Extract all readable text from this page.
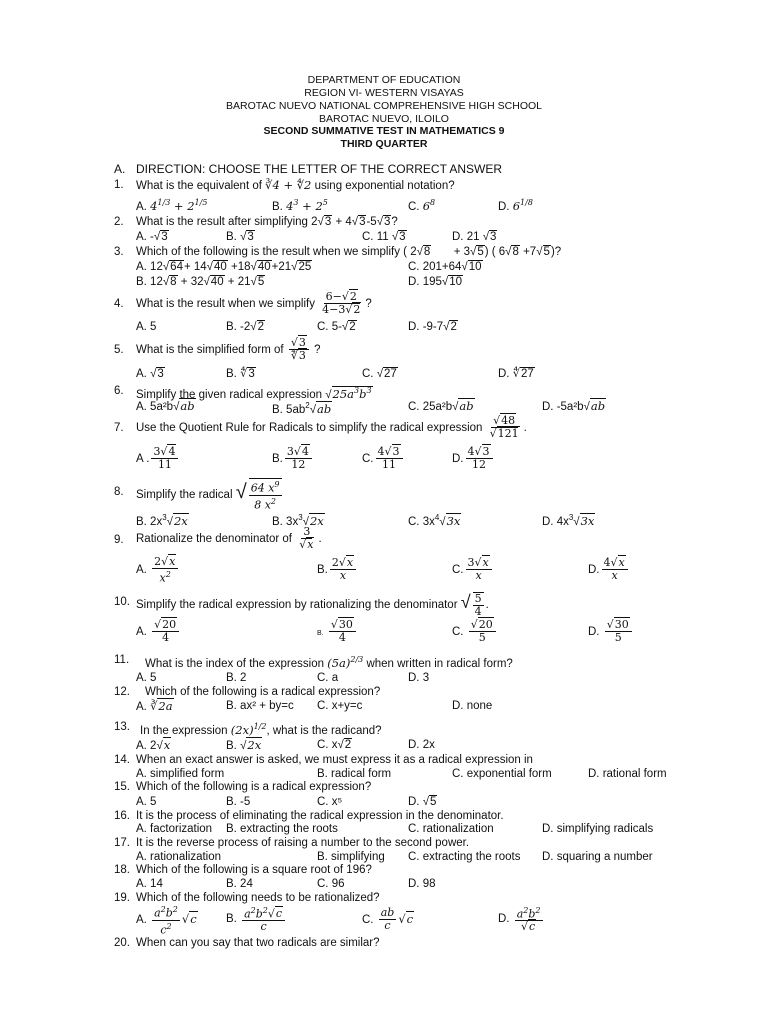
DEPARTMENT OF EDUCATION
REGION VI- WESTERN VISAYAS
BAROTAC NUEVO NATIONAL COMPREHENSIVE HIGH SCHOOL
BAROTAC NUEVO, ILOILO
SECOND SUMMATIVE TEST IN MATHEMATICS 9
THIRD QUARTER
A. DIRECTION: CHOOSE THE LETTER OF THE CORRECT ANSWER
1. What is the equivalent of ∛4 + ∜2 using exponential notation?
A. $4^{1/3} + 2^{1/5}$	B. $4^3 + 2^5$	C. $6^8$	D. $6^{1/8}$
2. What is the result after simplifying 2√3 + 4√3-5√3?
A. -√3	B. √3	C. 11 √3	D. 21 √3
3. Which of the following is the result when we simplify ( 2√8 + 3√5) ( 6√8 +7√5)?
A. 12√64+ 14√40 +18√40+21√25	C. 201+64√10
B. 12√8 + 32√40 + 21√5	D. 195√10
4. What is the result when we simplify $\frac{6-√2}{4-3√2}$ ?
A. 5	B. -2√2	C. 5-√2	D. -9-7√2
5. What is the simplified form of $\frac{√3}{∜3}$ ?
A. √3	B. ∜3	C. √27	D. ∜27
6. Simplify the given radical expression $√25a^3b^3$
A. 5a²b√ab	B. $5ab^2√ab$	C. 25a²b√ab	D. -5a²b√ab
7. Use the Quotient Rule for Radicals to simplify the radical expression $\frac{√48}{√121}$ .
A . $\frac{3√4}{11}$	B. $\frac{3√4}{12}$	C. $\frac{4√3}{11}$	D. $\frac{4√3}{12}$
8. Simplify the radical √ $\frac{64 x^9}{8 x^2}$
B. $2x^3√2x$	B. $3x^3√2x$	C. $3x^4√3x$	D. $4x^3√3x$
9. Rationalize the denominator of $\frac{3}{√x}$ .
A. $\frac{2√x}{x^2}$	B. $\frac{2√x}{x}$	C. $\frac{3√x}{x}$	D. $\frac{4√x}{x}$
10. Simplify the radical expression by rationalizing the denominator √ $\frac{5}{4}$ .
A. $\frac{√20}{4}$	B. $\frac{√30}{4}$	C. $\frac{√20}{5}$	D. $\frac{√30}{5}$
11. What is the index of the expression $(5a)^{2/3}$ when written in radical form?
A. 5	B. 2	C. a	D. 3
12. Which of the following is a radical expression?
A. ∛2a	B. ax² + by=c C. x+y=c	D. none
13. In the expression $(2x)^{1/2}$, what is the radicand?
A. 2√x	B. √2x	C. x√2	D. 2x
14. When an exact answer is asked, we must express it as a radical expression in
A. simplified form	B. radical form	C. exponential form	D. rational form
15. Which of the following is a radical expression?
A. 5	B. -5	C. x⁵	D. √5
16. It is the process of eliminating the radical expression in the denominator.
A. factorization B. extracting the roots	C. rationalization	D. simplifying radicals
17. It is the reverse process of raising a number to the second power.
A. rationalization	B. simplifying C. extracting the roots D. squaring a number
18. Which of the following is a square root of 196?
A. 14	B. 24	C. 96	D. 98
19. Which of the following needs to be rationalized?
A. $\frac{a^2b^2}{c^2} √c$	B. $\frac{a^2b^2√c}{c}$	C. $\frac{ab}{c} √c$	D. $\frac{a^2b^2}{√c}$
20. When can you say that two radicals are similar?
